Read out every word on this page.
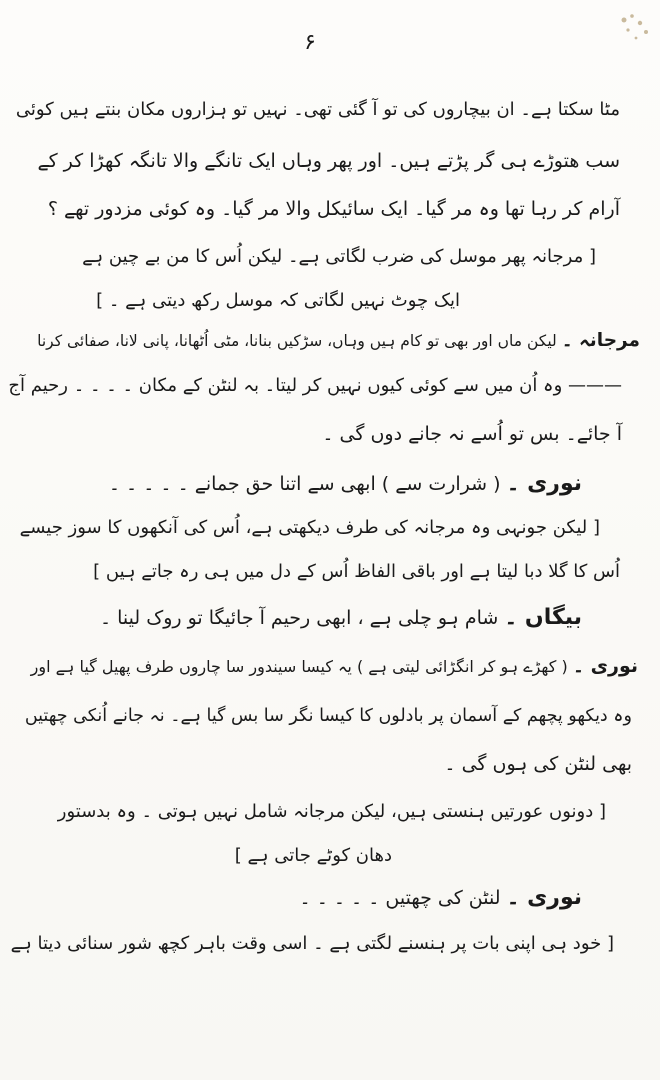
۶
مٹا سکتا ہے۔ ان بیچاروں کی تو آ گئی تھی۔ نہیں تو ہزاروں مکان بنتے ہیں کوئی
سب ھتوڑے ہی گر پڑتے ہیں۔ اور پھر وہاں ایک تانگے والا تانگہ کھڑا کر کے
آرام کر رہا تھا وہ مر گیا۔ ایک سائیکل والا مر گیا۔ وہ کوئی مزدور تھے ؟
[ مرجانہ پھر موسل کی ضرب لگاتی ہے۔ لیکن اُس کا من بے چین ہے
ایک چوٹ نہیں لگاتی کہ موسل رکھ دیتی ہے ۔ ]
مرجانہ ۔ لیکن ماں اور بھی تو کام ہیں وہاں، سڑکیں بنانا، مٹی اُٹھانا، پانی لانا، صفائی کرنا
——— وہ اُن میں سے کوئی کیوں نہیں کر لیتا۔ بہ لنٹن کے مکان ۔ ۔ ۔ ۔ رحیم آج
آ جائے۔ بس تو اُسے نہ جانے دوں گی ۔
نوری ۔ ( شرارت سے ) ابھی سے اتنا حق جمانے ۔ ۔ ۔ ۔ ۔
[ لیکن جونہی وہ مرجانہ کی طرف دیکھتی ہے، اُس کی آنکھوں کا سوز جیسے
اُس کا گلا دبا لیتا ہے اور باقی الفاظ اُس کے دل میں ہی رہ جاتے ہیں ]
بیگاں ۔ شام ہو چلی ہے ، ابھی رحیم آ جائیگا تو روک لینا ۔
نوری ۔ ( کھڑے ہو کر انگڑائی لیتی ہے ) یہ کیسا سیندور سا چاروں طرف پھیل گیا ہے اور
وہ دیکھو پچھم کے آسمان پر بادلوں کا کیسا نگر سا بس گیا ہے۔ نہ جانے اُنکی چھتیں
بھی لنٹن کی ہوں گی ۔
[ دونوں عورتیں ہنستی ہیں، لیکن مرجانہ شامل نہیں ہوتی ۔ وہ بدستور
دھان کوٹے جاتی ہے ]
نوری ۔ لنٹن کی چھتیں ۔ ۔ ۔ ۔ ۔
[ خود ہی اپنی بات پر ہنسنے لگتی ہے ۔ اسی وقت باہر کچھ شور سنائی دیتا ہے
